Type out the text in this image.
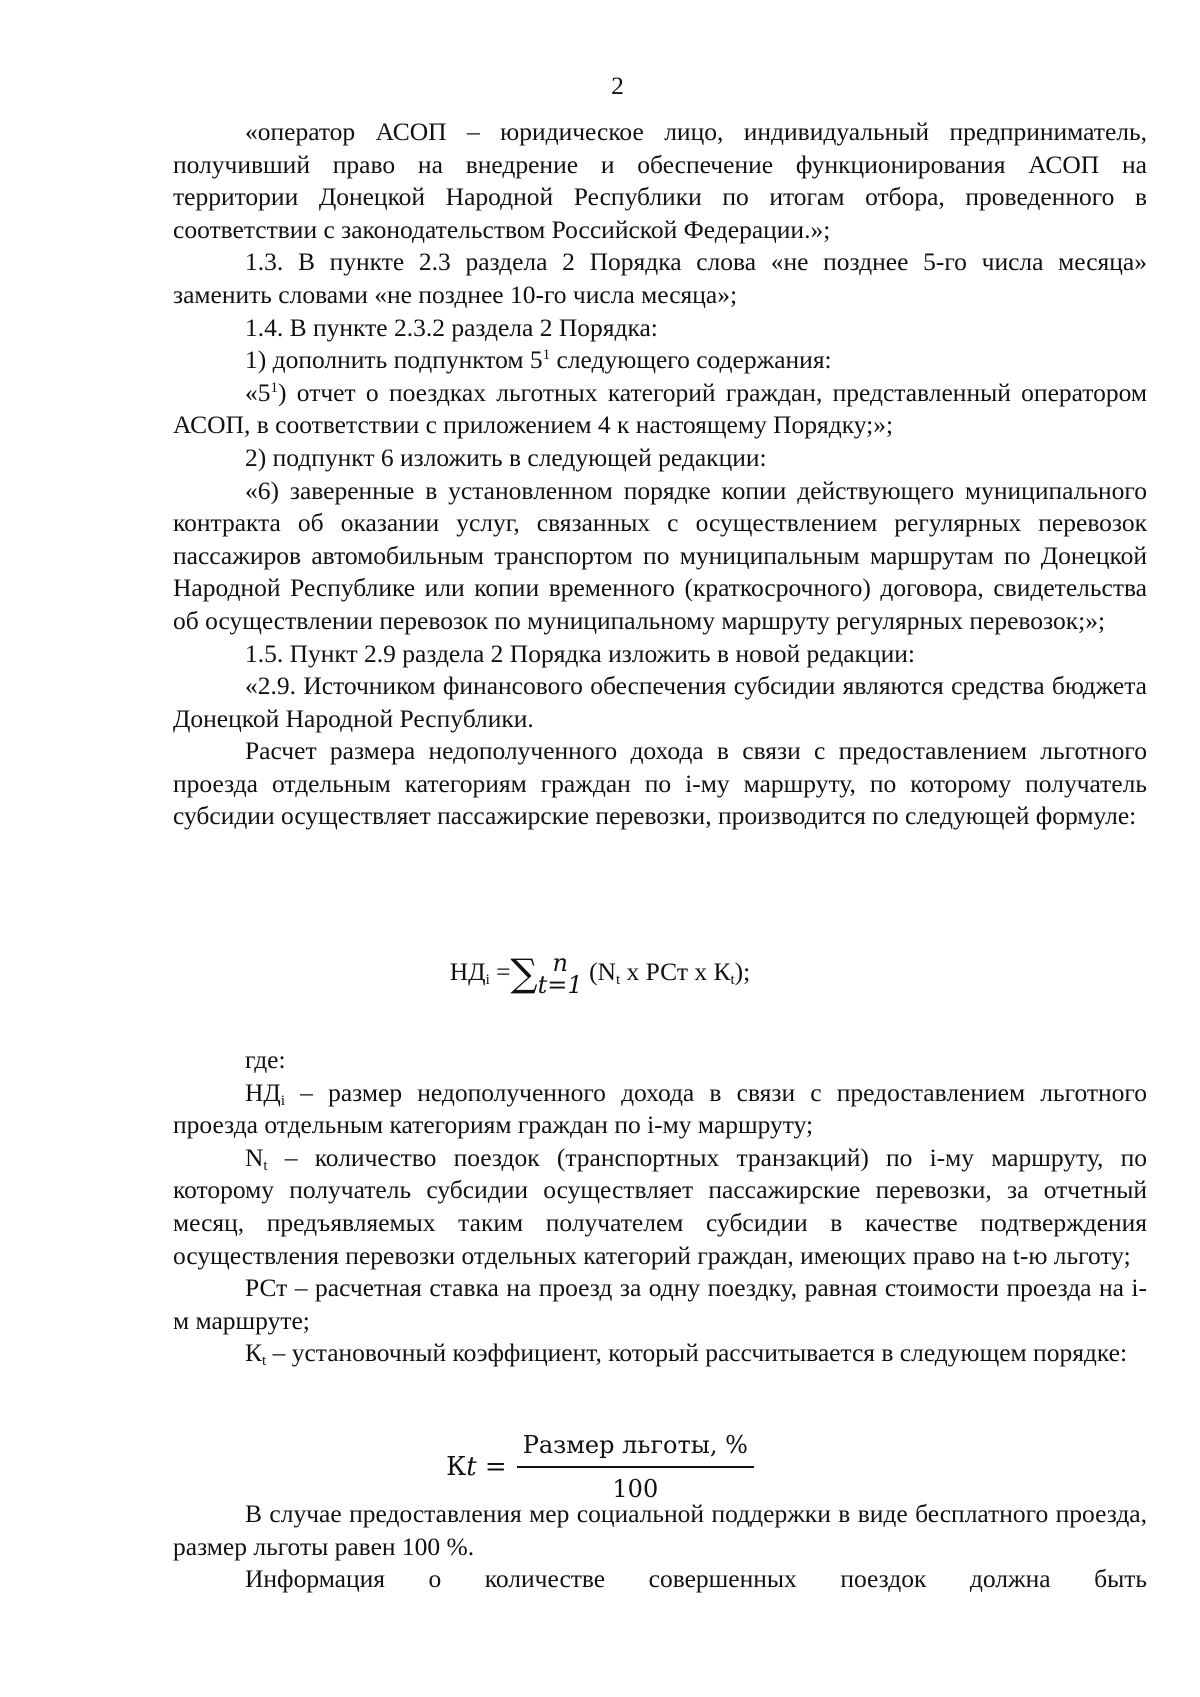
2

«оператор АСОП – юридическое лицо, индивидуальный предприниматель, получивший право на внедрение и обеспечение функционирования АСОП на территории Донецкой Народной Республики по итогам отбора, проведенного в соответствии с законодательством Российской Федерации.»;

1.3. В пункте 2.3 раздела 2 Порядка слова «не позднее 5-го числа месяца» заменить словами «не позднее 10-го числа месяца»;

1.4. В пункте 2.3.2 раздела 2 Порядка:

1) дополнить подпунктом $5^1$ следующего содержания:

«$5^1$) отчет о поездках льготных категорий граждан, представленный оператором АСОП, в соответствии с приложением 4 к настоящему Порядку;»;

2) подпункт 6 изложить в следующей редакции:

«6) заверенные в установленном порядке копии действующего муниципального контракта об оказании услуг, связанных с осуществлением регулярных перевозок пассажиров автомобильным транспортом по муниципальным маршрутам по Донецкой Народной Республике или копии временного (краткосрочного) договора, свидетельства об осуществлении перевозок по муниципальному маршруту регулярных перевозок;»;

1.5. Пункт 2.9 раздела 2 Порядка изложить в новой редакции:

«2.9. Источником финансового обеспечения субсидии являются средства бюджета Донецкой Народной Республики.

Расчет размера недополученного дохода в связи с предоставлением льготного проезда отдельным категориям граждан по i-му маршруту, по которому получатель субсидии осуществляет пассажирские перевозки, производится по следующей формуле:

$НД_i$ =∑ n
t=1 ($N_t$ х РСт х $К_t$);

где:

$НД_i$ – размер недополученного дохода в связи с предоставлением льготного проезда отдельным категориям граждан по i-му маршруту;

$N_t$ – количество поездок (транспортных транзакций) по i-му маршруту, по которому получатель субсидии осуществляет пассажирские перевозки, за отчетный месяц, предъявляемых таким получателем субсидии в качестве подтверждения осуществления перевозки отдельных категорий граждан, имеющих право на t-ю льготу;

РСт – расчетная ставка на проезд за одну поездку, равная стоимости проезда на i-м маршруте;

$К_t$ – установочный коэффициент, который рассчитывается в следующем порядке:

Кt = $\frac{\text{Размер льготы, \%}}{100}$

В случае предоставления мер социальной поддержки в виде бесплатного проезда, размер льготы равен 100 %.

Информация о количестве совершенных поездок должна быть
